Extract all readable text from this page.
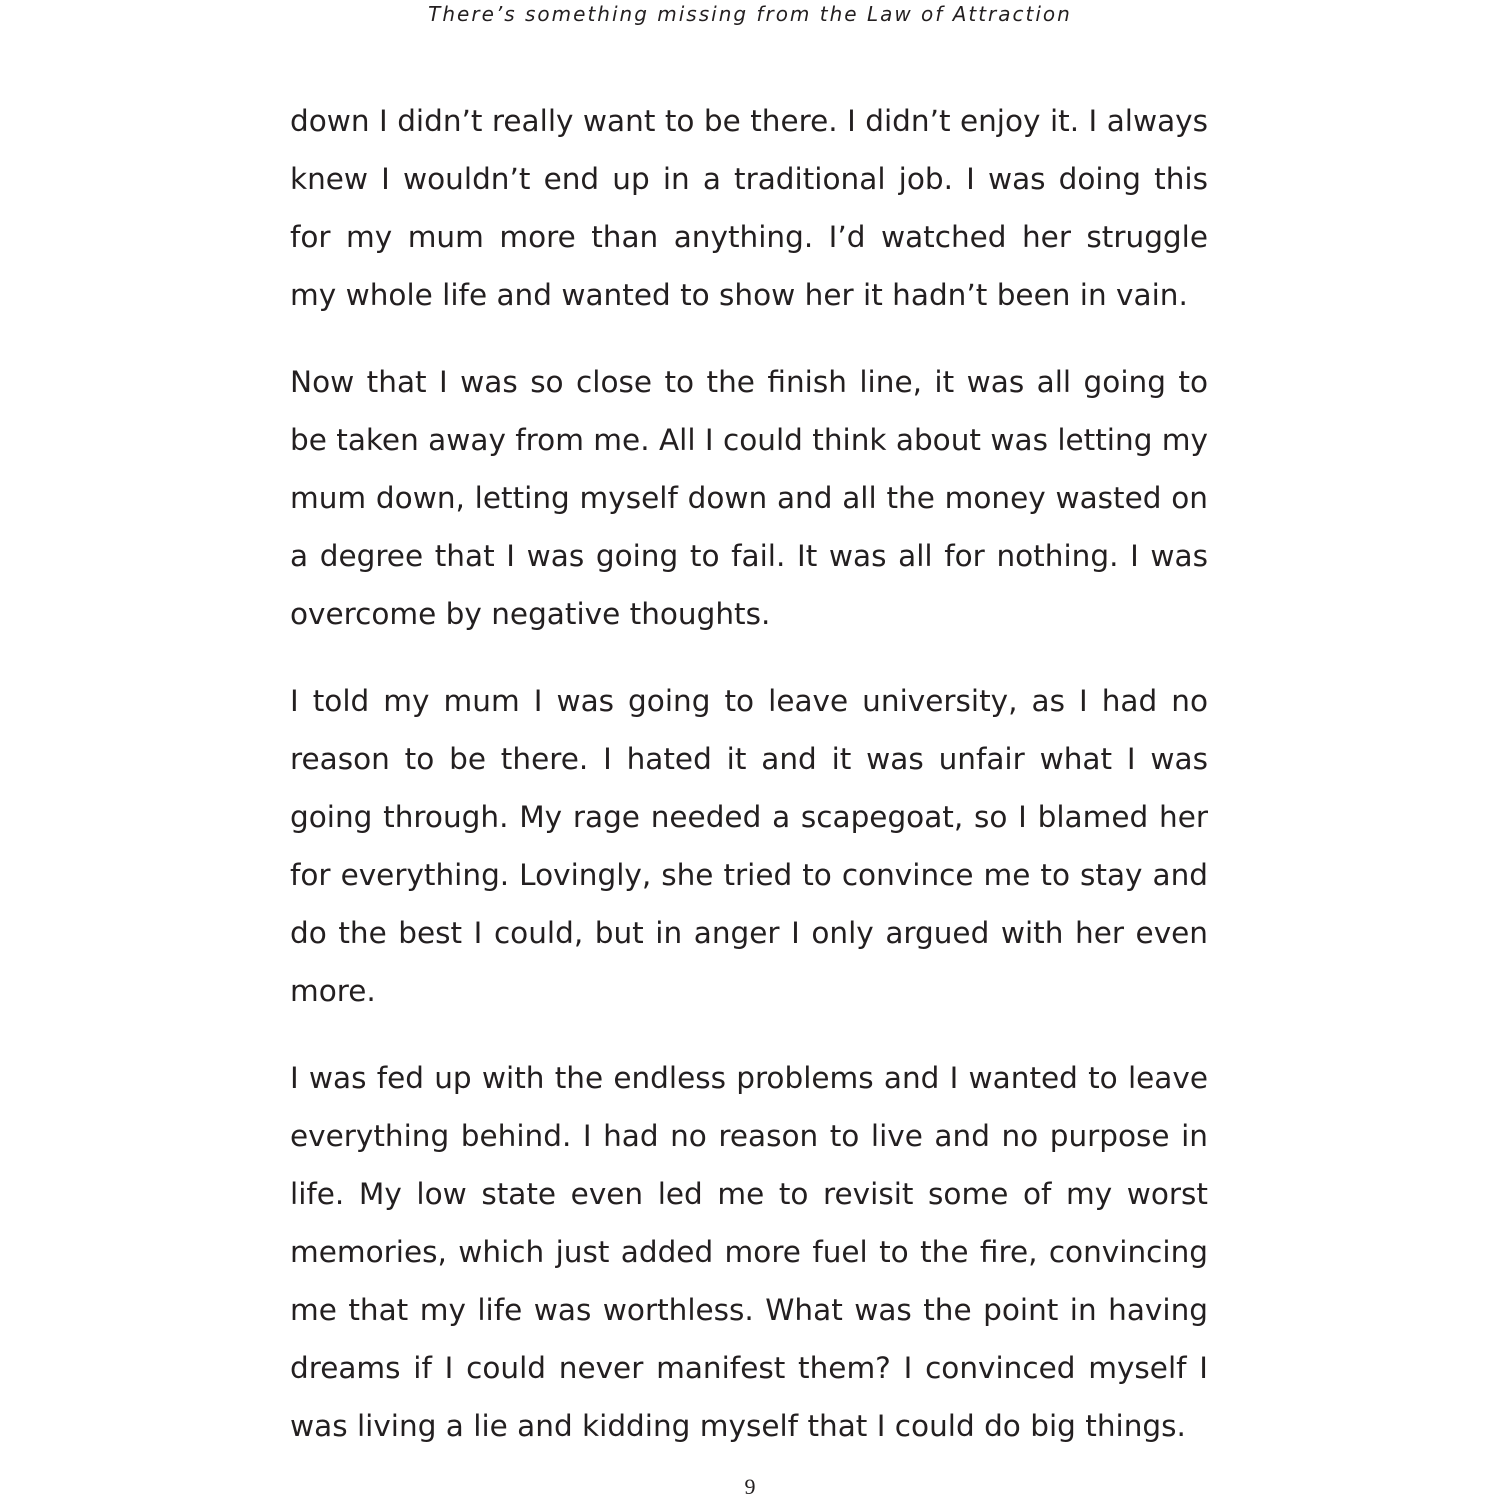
There’s something missing from the Law of Attraction

down I didn’t really want to be there. I didn’t enjoy it. I always knew I wouldn’t end up in a traditional job. I was doing this for my mum more than anything. I’d watched her struggle my whole life and wanted to show her it hadn’t been in vain.

Now that I was so close to the finish line, it was all going to be taken away from me. All I could think about was letting my mum down, letting myself down and all the money wasted on a degree that I was going to fail. It was all for nothing. I was overcome by negative thoughts.

I told my mum I was going to leave university, as I had no reason to be there. I hated it and it was unfair what I was going through. My rage needed a scapegoat, so I blamed her for everything. Lovingly, she tried to convince me to stay and do the best I could, but in anger I only argued with her even more.

I was fed up with the endless problems and I wanted to leave everything behind. I had no reason to live and no purpose in life. My low state even led me to revisit some of my worst memories, which just added more fuel to the fire, convincing me that my life was worthless. What was the point in having dreams if I could never manifest them? I convinced myself I was living a lie and kidding myself that I could do big things.

9
